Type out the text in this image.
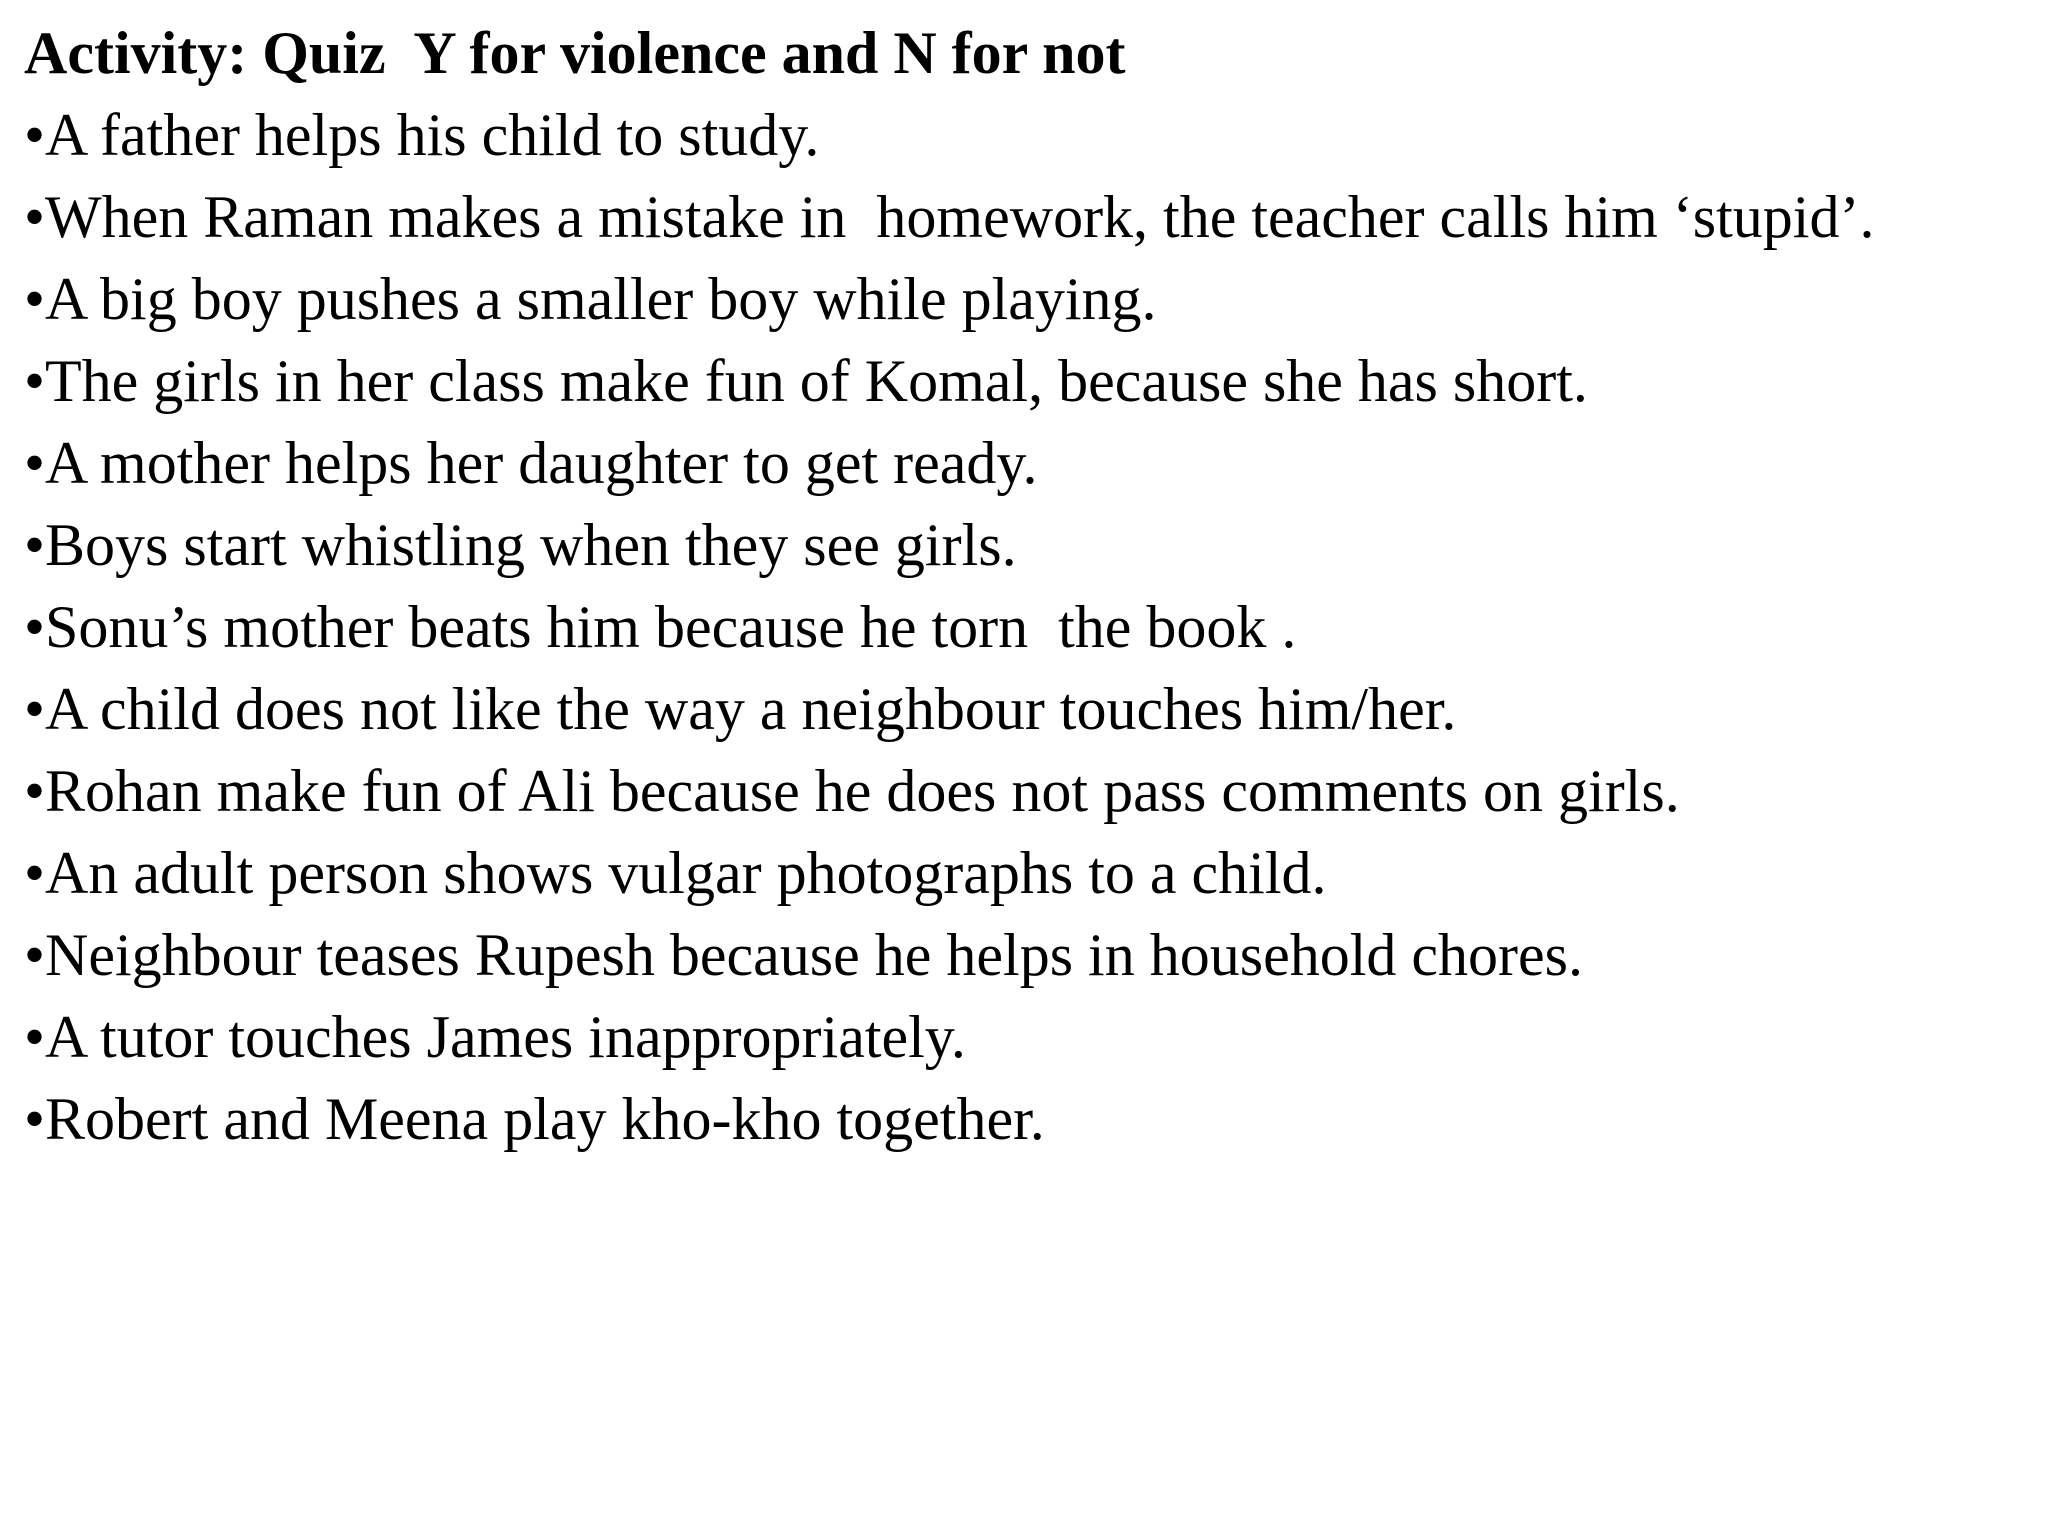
Activity: Quiz  Y for violence and N for not
•A father helps his child to study.
•When Raman makes a mistake in  homework, the teacher calls him ‘stupid’.
•A big boy pushes a smaller boy while playing.
•The girls in her class make fun of Komal, because she has short.
•A mother helps her daughter to get ready.
•Boys start whistling when they see girls.
•Sonu’s mother beats him because he torn  the book .
•A child does not like the way a neighbour touches him/her.
•Rohan make fun of Ali because he does not pass comments on girls.
•An adult person shows vulgar photographs to a child.
•Neighbour teases Rupesh because he helps in household chores.
•A tutor touches James inappropriately.
•Robert and Meena play kho-kho together.
